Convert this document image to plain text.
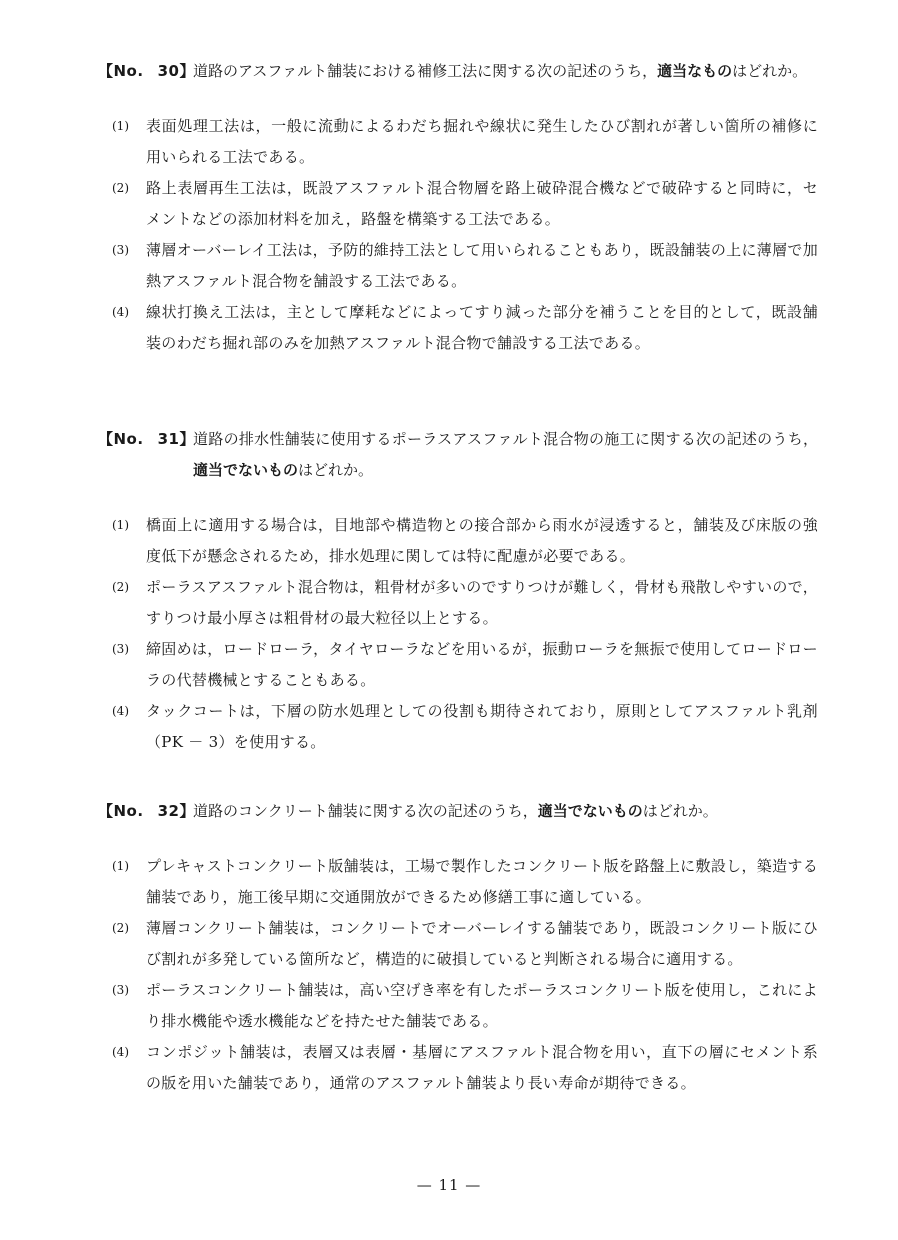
【No. 30】
道路のアスファルト舗装における補修工法に関する次の記述のうち，適当なものはどれか。
(1)	表面処理工法は，一般に流動によるわだち掘れや線状に発生したひび割れが著しい箇所の補修に用いられる工法である。
(2)	路上表層再生工法は，既設アスファルト混合物層を路上破砕混合機などで破砕すると同時に，セメントなどの添加材料を加え，路盤を構築する工法である。
(3)	薄層オーバーレイ工法は，予防的維持工法として用いられることもあり，既設舗装の上に薄層で加熱アスファルト混合物を舗設する工法である。
(4)	線状打換え工法は，主として摩耗などによってすり減った部分を補うことを目的として，既設舗装のわだち掘れ部のみを加熱アスファルト混合物で舗設する工法である。
【No. 31】
道路の排水性舗装に使用するポーラスアスファルト混合物の施工に関する次の記述のうち，適当でないものはどれか。
(1)	橋面上に適用する場合は，目地部や構造物との接合部から雨水が浸透すると，舗装及び床版の強度低下が懸念されるため，排水処理に関しては特に配慮が必要である。
(2)	ポーラスアスファルト混合物は，粗骨材が多いのですりつけが難しく，骨材も飛散しやすいので，すりつけ最小厚さは粗骨材の最大粒径以上とする。
(3)	締固めは，ロードローラ，タイヤローラなどを用いるが，振動ローラを無振で使用してロードローラの代替機械とすることもある。
(4)	タックコートは，下層の防水処理としての役割も期待されており，原則としてアスファルト乳剤（PK － 3）を使用する。
【No. 32】
道路のコンクリート舗装に関する次の記述のうち，適当でないものはどれか。
(1)	プレキャストコンクリート版舗装は，工場で製作したコンクリート版を路盤上に敷設し，築造する舗装であり，施工後早期に交通開放ができるため修繕工事に適している。
(2)	薄層コンクリート舗装は，コンクリートでオーバーレイする舗装であり，既設コンクリート版にひび割れが多発している箇所など，構造的に破損していると判断される場合に適用する。
(3)	ポーラスコンクリート舗装は，高い空げき率を有したポーラスコンクリート版を使用し，これにより排水機能や透水機能などを持たせた舗装である。
(4)	コンポジット舗装は，表層又は表層・基層にアスファルト混合物を用い，直下の層にセメント系の版を用いた舗装であり，通常のアスファルト舗装より長い寿命が期待できる。
— 11 —
